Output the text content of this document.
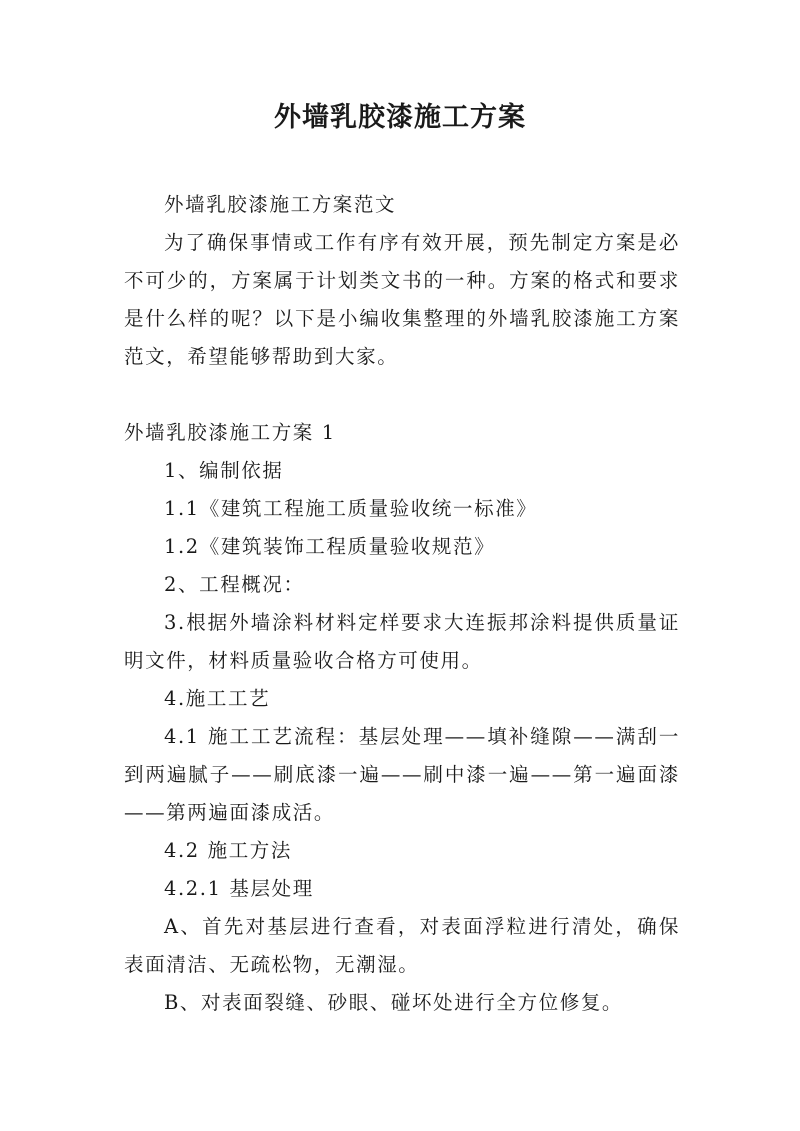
外墙乳胶漆施工方案

外墙乳胶漆施工方案范文

为了确保事情或工作有序有效开展，预先制定方案是必不可少的，方案属于计划类文书的一种。方案的格式和要求是什么样的呢？以下是小编收集整理的外墙乳胶漆施工方案范文，希望能够帮助到大家。

外墙乳胶漆施工方案 1

1、编制依据

1.1《建筑工程施工质量验收统一标准》

1.2《建筑装饰工程质量验收规范》

2、工程概况：

3.根据外墙涂料材料定样要求大连振邦涂料提供质量证明文件，材料质量验收合格方可使用。

4.施工工艺

4.1 施工工艺流程：基层处理——填补缝隙——满刮一到两遍腻子——刷底漆一遍——刷中漆一遍——第一遍面漆——第两遍面漆成活。

4.2 施工方法

4.2.1 基层处理

A、首先对基层进行查看，对表面浮粒进行清处，确保表面清洁、无疏松物，无潮湿。

B、对表面裂缝、砂眼、碰坏处进行全方位修复。
